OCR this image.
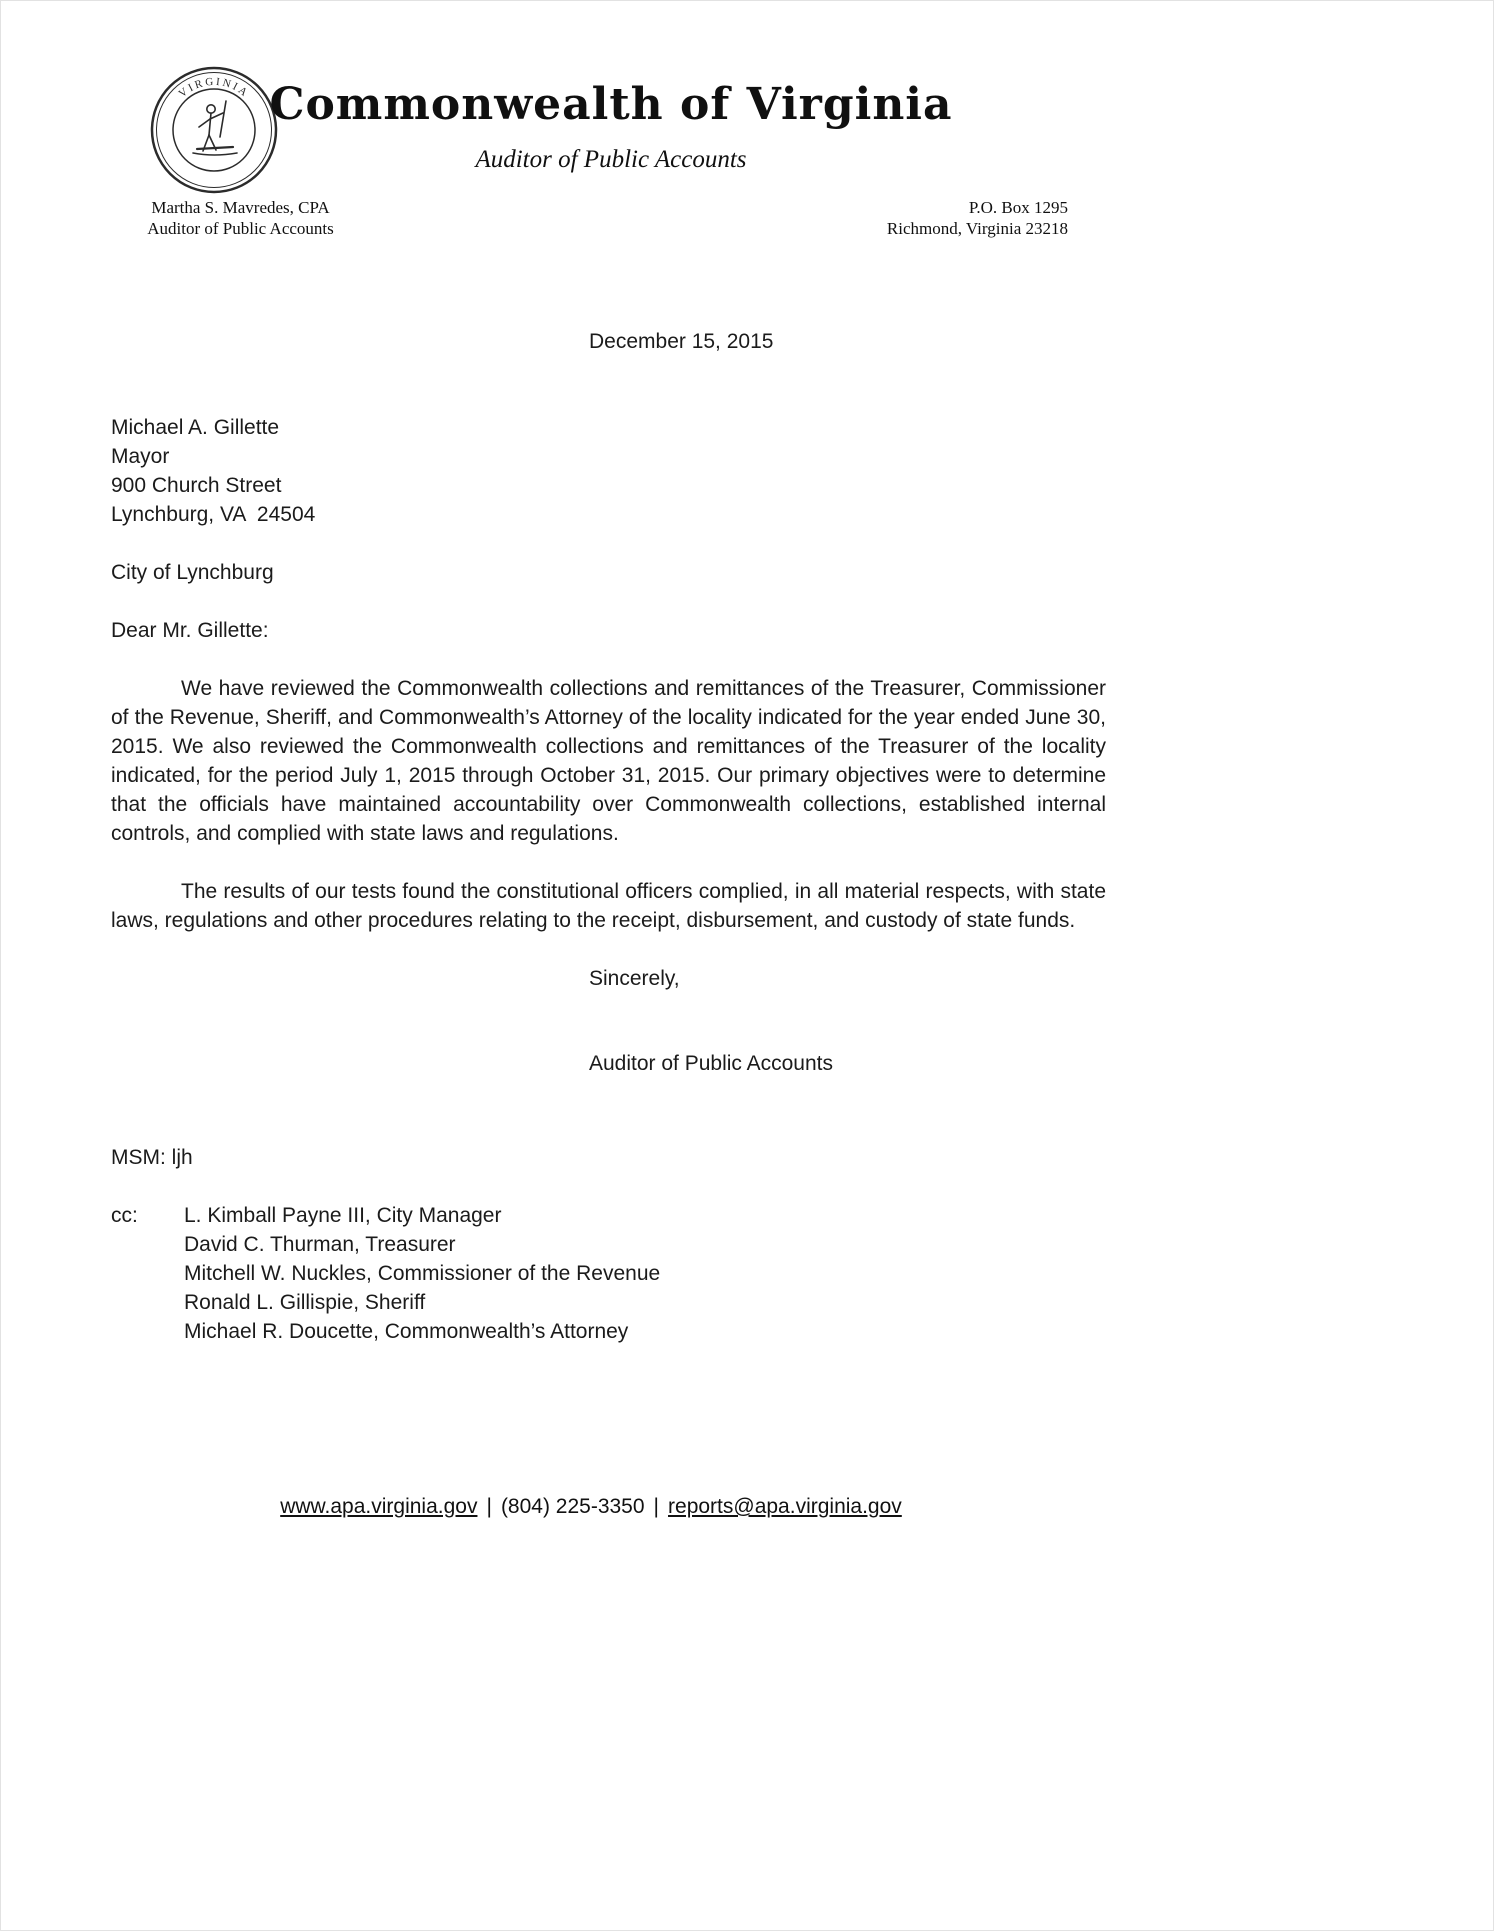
VIRGINIA Commonwealth of Virginia
Auditor of Public Accounts
Martha S. Mavredes, CPA
Auditor of Public Accounts
P.O. Box 1295
Richmond, Virginia 23218
December 15, 2015
Michael A. Gillette
Mayor
900 Church Street
Lynchburg, VA  24504
City of Lynchburg
Dear Mr. Gillette:

We have reviewed the Commonwealth collections and remittances of the Treasurer, Commissioner of the Revenue, Sheriff, and Commonwealth’s Attorney of the locality indicated for the year ended June 30, 2015. We also reviewed the Commonwealth collections and remittances of the Treasurer of the locality indicated, for the period July 1, 2015 through October 31, 2015. Our primary objectives were to determine that the officials have maintained accountability over Commonwealth collections, established internal controls, and complied with state laws and regulations.

The results of our tests found the constitutional officers complied, in all material respects, with state laws, regulations and other procedures relating to the receipt, disbursement, and custody of state funds.

Sincerely,
Auditor of Public Accounts
MSM: ljh
cc:	L. Kimball Payne III, City Manager
David C. Thurman, Treasurer
Mitchell W. Nuckles, Commissioner of the Revenue
Ronald L. Gillispie, Sheriff
Michael R. Doucette, Commonwealth’s Attorney
www.apa.virginia.gov | (804) 225-3350 | reports@apa.virginia.gov
